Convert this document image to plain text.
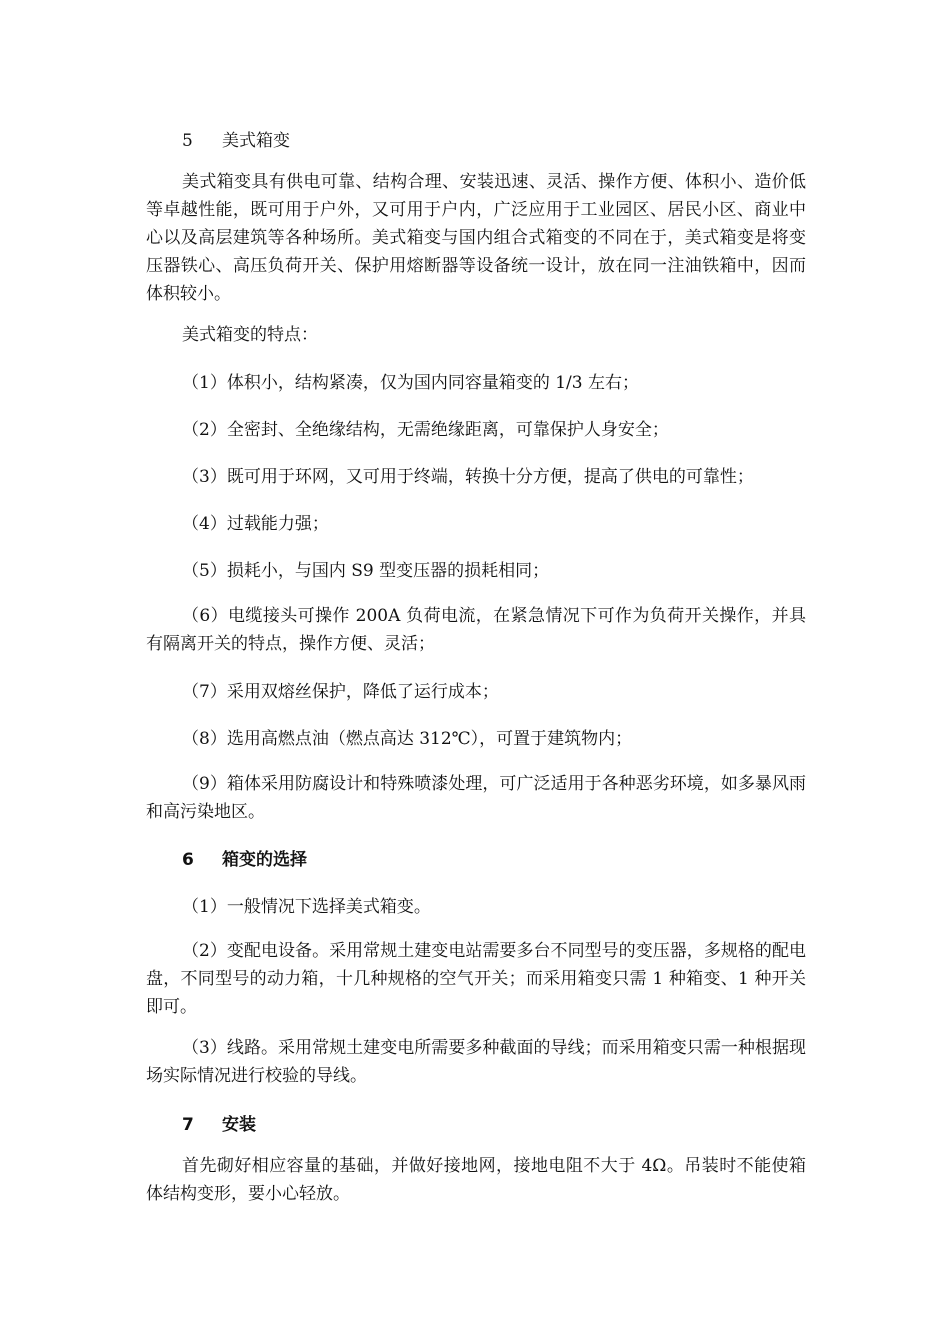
5 美式箱变
美式箱变具有供电可靠、结构合理、安装迅速、灵活、操作方便、体积小、造价低等卓越性能，既可用于户外，又可用于户内，广泛应用于工业园区、居民小区、商业中心以及高层建筑等各种场所。美式箱变与国内组合式箱变的不同在于，美式箱变是将变压器铁心、高压负荷开关、保护用熔断器等设备统一设计，放在同一注油铁箱中，因而体积较小。
美式箱变的特点：
（1）体积小，结构紧凑，仅为国内同容量箱变的 1/3 左右；
（2）全密封、全绝缘结构，无需绝缘距离，可靠保护人身安全；
（3）既可用于环网，又可用于终端，转换十分方便，提高了供电的可靠性；
（4）过载能力强；
（5）损耗小，与国内 S9 型变压器的损耗相同；
（6）电缆接头可操作 200A 负荷电流，在紧急情况下可作为负荷开关操作，并具有隔离开关的特点，操作方便、灵活；
（7）采用双熔丝保护，降低了运行成本；
（8）选用高燃点油（燃点高达 312℃），可置于建筑物内；
（9）箱体采用防腐设计和特殊喷漆处理，可广泛适用于各种恶劣环境，如多暴风雨和高污染地区。
6 箱变的选择
（1）一般情况下选择美式箱变。
（2）变配电设备。采用常规土建变电站需要多台不同型号的变压器，多规格的配电盘，不同型号的动力箱，十几种规格的空气开关；而采用箱变只需 1 种箱变、1 种开关即可。
（3）线路。采用常规土建变电所需要多种截面的导线；而采用箱变只需一种根据现场实际情况进行校验的导线。
7 安装
首先砌好相应容量的基础，并做好接地网，接地电阻不大于 4Ω。吊装时不能使箱体结构变形，要小心轻放。
